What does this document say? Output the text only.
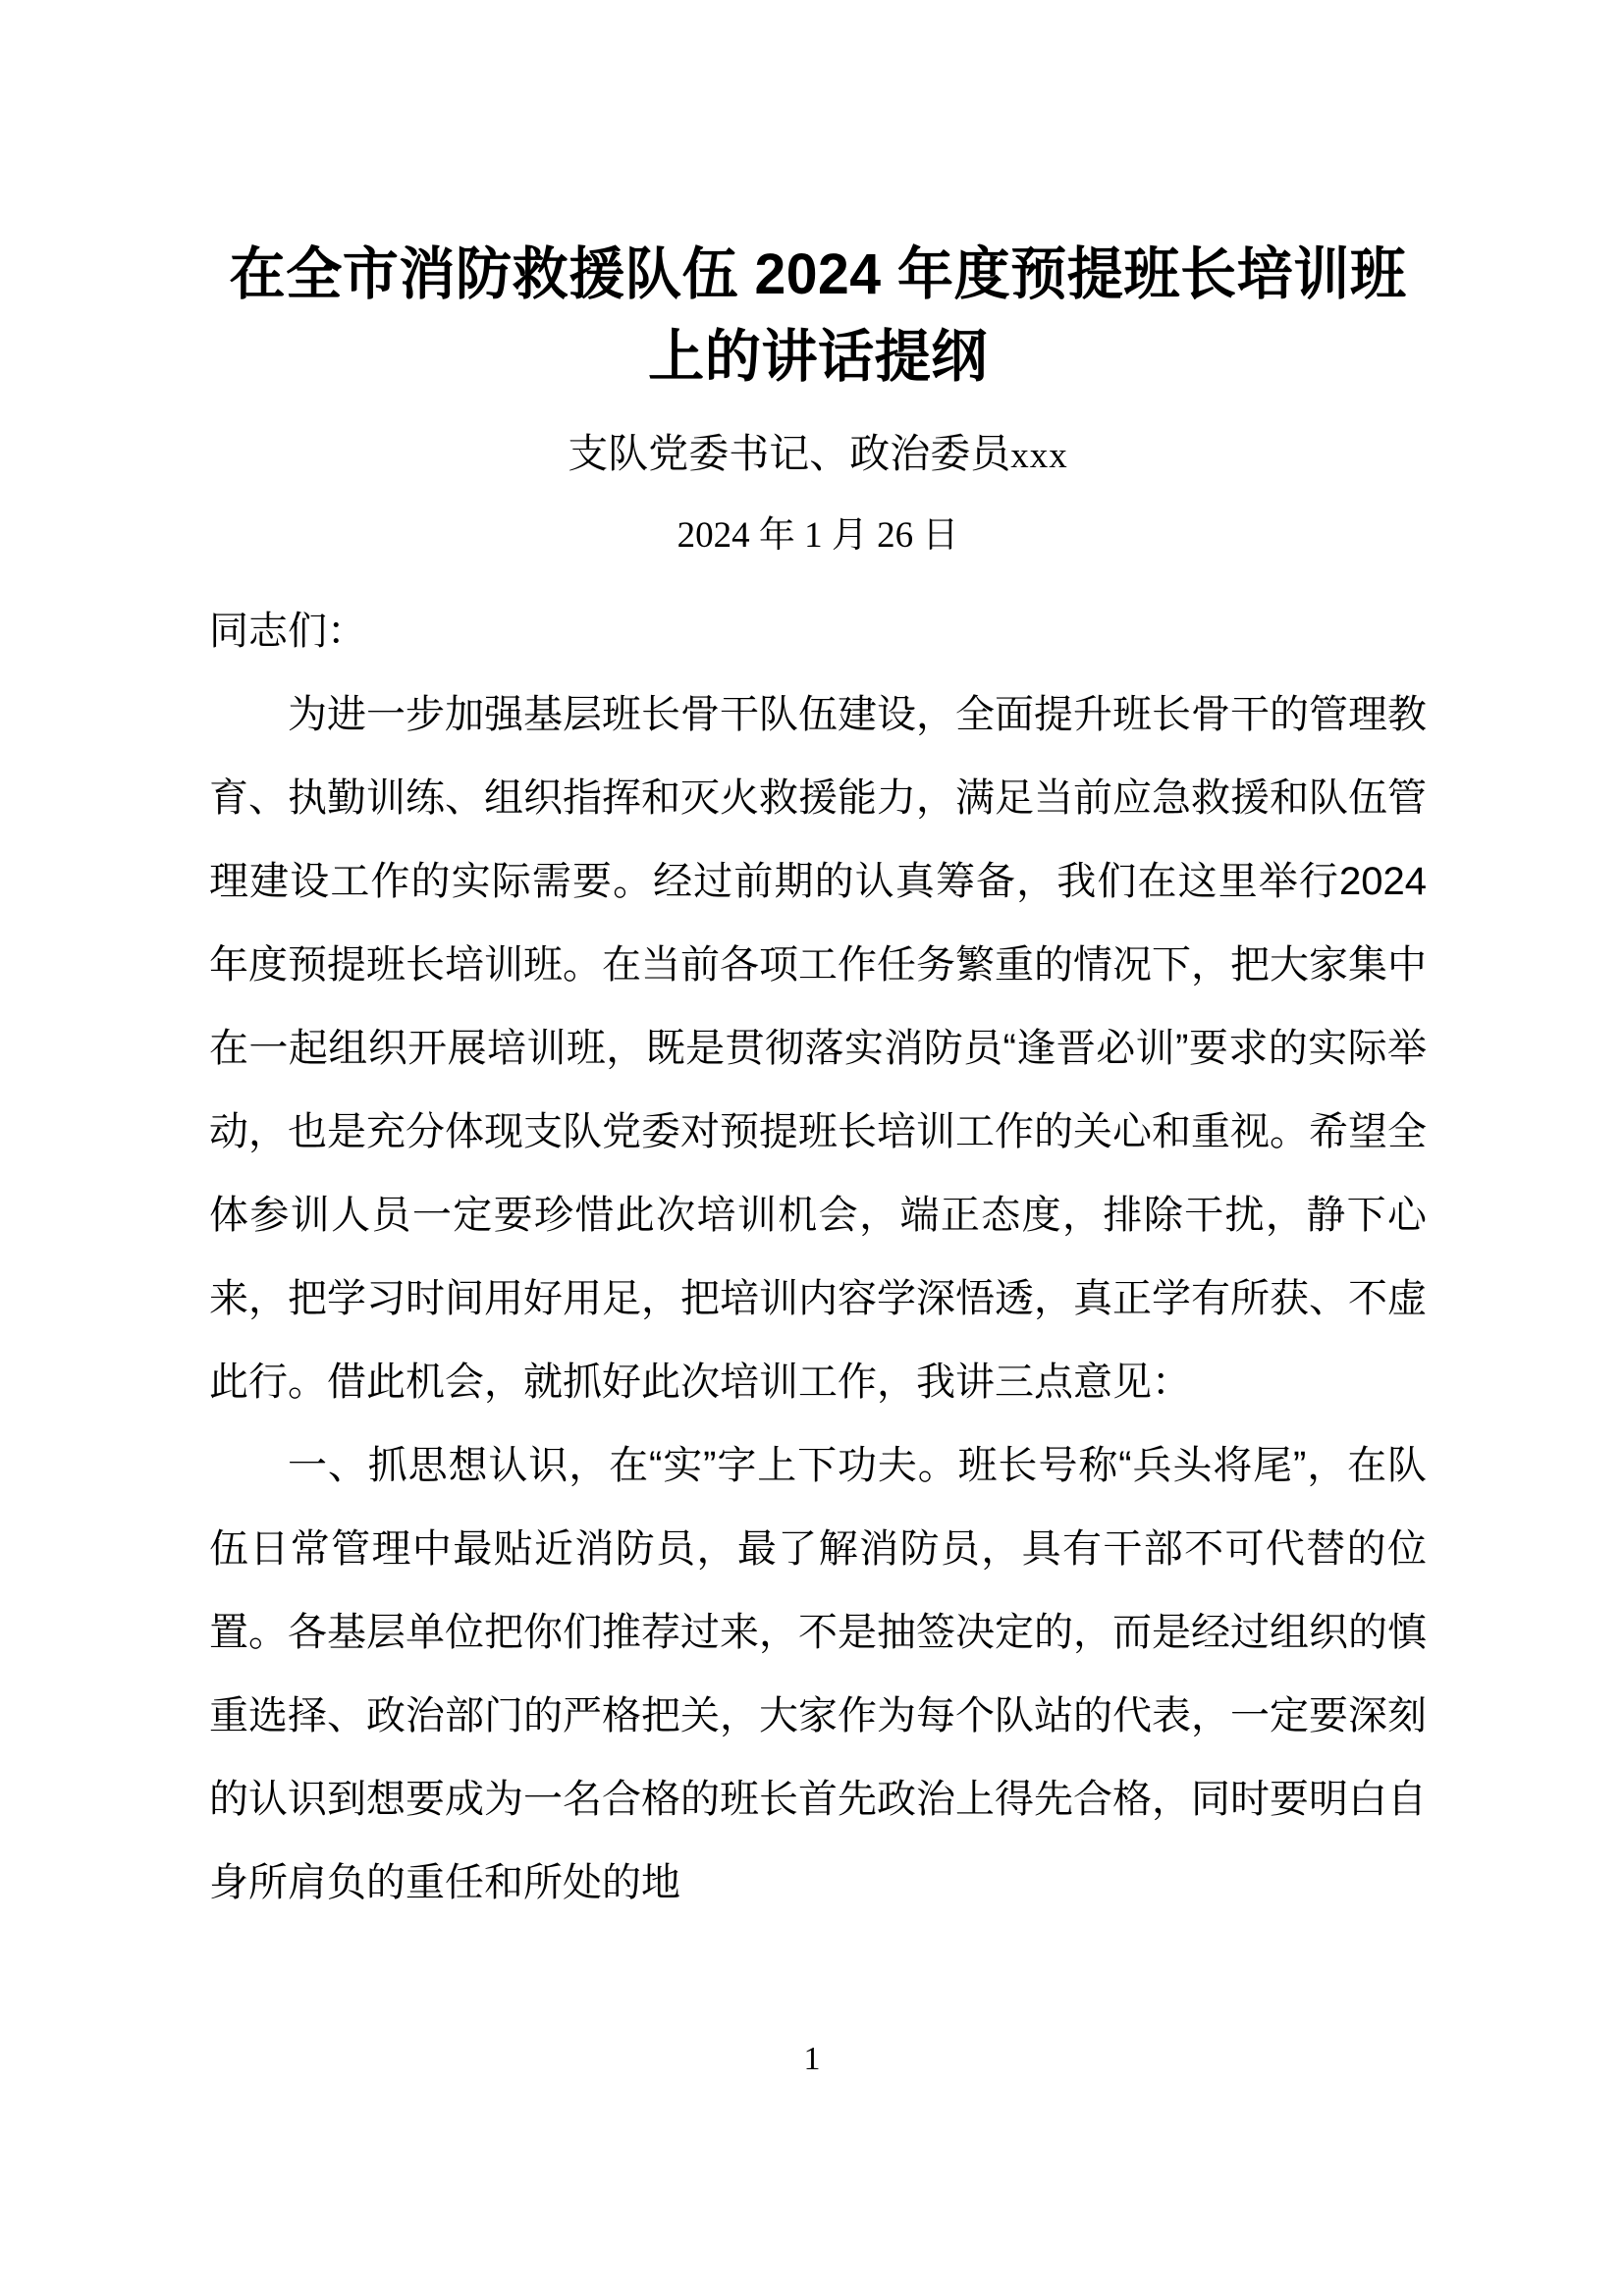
在全市消防救援队伍 2024 年度预提班长培训班上的讲话提纲
支队党委书记、政治委员xxx
2024 年 1 月 26 日

同志们：

为进一步加强基层班长骨干队伍建设，全面提升班长骨干的管理教育、执勤训练、组织指挥和灭火救援能力，满足当前应急救援和队伍管理建设工作的实际需要。经过前期的认真筹备，我们在这里举行2024年度预提班长培训班。在当前各项工作任务繁重的情况下，把大家集中在一起组织开展培训班，既是贯彻落实消防员“逢晋必训”要求的实际举动，也是充分体现支队党委对预提班长培训工作的关心和重视。希望全体参训人员一定要珍惜此次培训机会，端正态度，排除干扰，静下心来，把学习时间用好用足，把培训内容学深悟透，真正学有所获、不虚此行。借此机会，就抓好此次培训工作，我讲三点意见：

一、抓思想认识，在“实”字上下功夫。班长号称“兵头将尾”，在队伍日常管理中最贴近消防员，最了解消防员，具有干部不可代替的位置。各基层单位把你们推荐过来，不是抽签决定的，而是经过组织的慎重选择、政治部门的严格把关，大家作为每个队站的代表，一定要深刻的认识到想要成为一名合格的班长首先政治上得先合格，同时要明白自身所肩负的重任和所处的地

1
